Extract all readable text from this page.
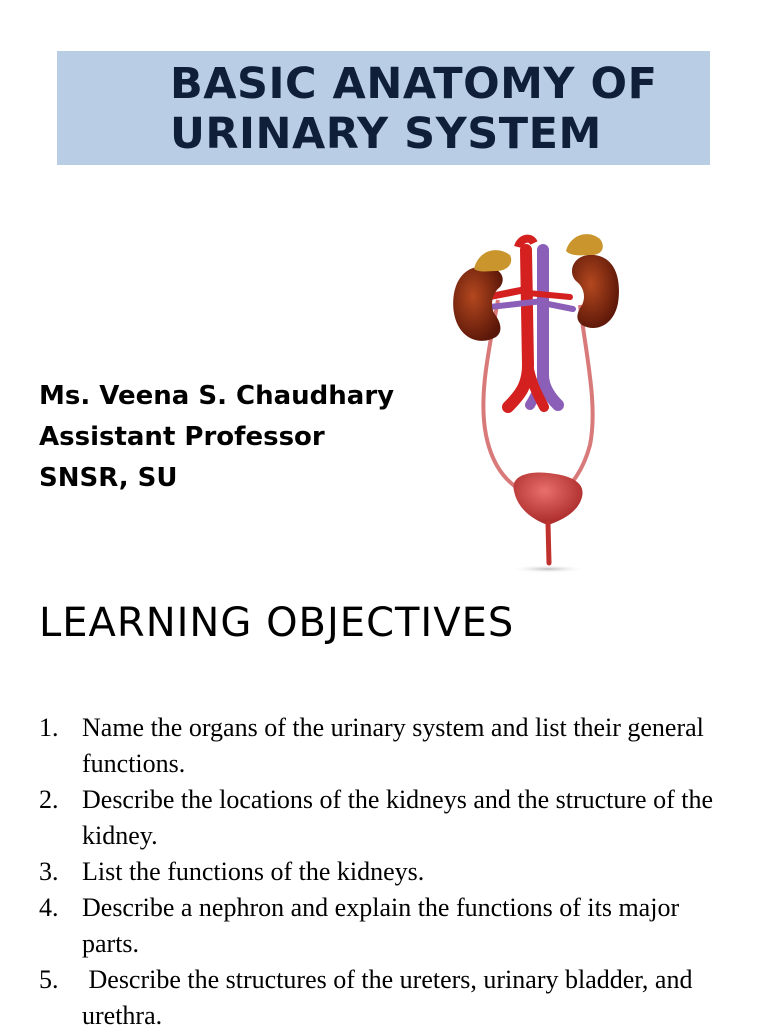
BASIC ANATOMY OF
URINARY SYSTEM
Ms. Veena S. Chaudhary
Assistant Professor
SNSR, SU
LEARNING OBJECTIVES
1. Name the organs of the urinary system and list their general functions.
2. Describe the locations of the kidneys and the structure of the kidney.
3. List the functions of the kidneys.
4. Describe a nephron and explain the functions of its major parts.
5. Describe the structures of the ureters, urinary bladder, and urethra.
